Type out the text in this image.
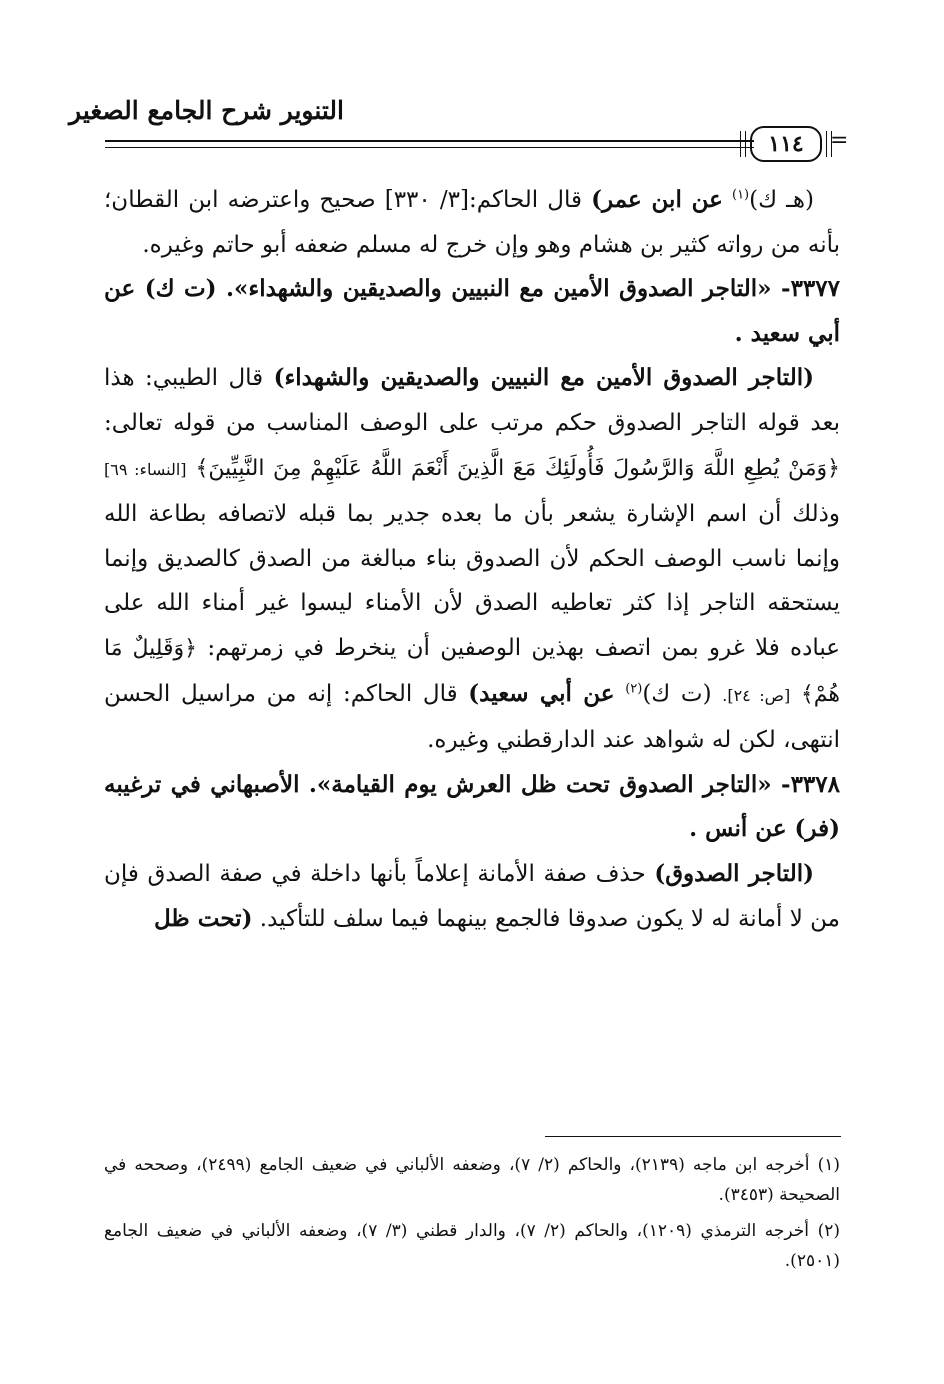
التنوير شرح الجامع الصغير
١١٤ =

(هـ ك)$^{(١)}$ عن ابن عمر) قال الحاكم:[٣/ ٣٣٠] صحيح واعترضه ابن القطان؛ بأنه من رواته كثير بن هشام وهو وإن خرج له مسلم ضعفه أبو حاتم وغيره.

٣٣٧٧- «التاجر الصدوق الأمين مع النبيين والصديقين والشهداء». (ت ك) عن أبي سعيد .

(التاجر الصدوق الأمين مع النبيين والصديقين والشهداء) قال الطيبي: هذا بعد قوله التاجر الصدوق حكم مرتب على الوصف المناسب من قوله تعالى: ﴿وَمَنْ يُطِعِ اللَّهَ وَالرَّسُولَ فَأُولَئِكَ مَعَ الَّذِينَ أَنْعَمَ اللَّهُ عَلَيْهِمْ مِنَ النَّبِيِّينَ﴾ [النساء: ٦٩] وذلك أن اسم الإشارة يشعر بأن ما بعده جدير بما قبله لاتصافه بطاعة الله وإنما ناسب الوصف الحكم لأن الصدوق بناء مبالغة من الصدق كالصديق وإنما يستحقه التاجر إذا كثر تعاطيه الصدق لأن الأمناء ليسوا غير أمناء الله على عباده فلا غرو بمن اتصف بهذين الوصفين أن ينخرط في زمرتهم: ﴿وَقَلِيلٌ مَا هُمْ﴾ [ص: ٢٤]. (ت ك)$^{(٢)}$ عن أبي سعيد) قال الحاكم: إنه من مراسيل الحسن انتهى، لكن له شواهد عند الدارقطني وغيره.

٣٣٧٨- «التاجر الصدوق تحت ظل العرش يوم القيامة». الأصبهاني في ترغيبه (فر) عن أنس .

(التاجر الصدوق) حذف صفة الأمانة إعلاماً بأنها داخلة في صفة الصدق فإن من لا أمانة له لا يكون صدوقا فالجمع بينهما فيما سلف للتأكيد. (تحت ظل

(١) أخرجه ابن ماجه (٢١٣٩)، والحاكم (٢/ ٧)، وضعفه الألباني في ضعيف الجامع (٢٤٩٩)، وصححه في الصحيحة (٣٤٥٣).

(٢) أخرجه الترمذي (١٢٠٩)، والحاكم (٢/ ٧)، والدار قطني (٣/ ٧)، وضعفه الألباني في ضعيف الجامع (٢٥٠١).
